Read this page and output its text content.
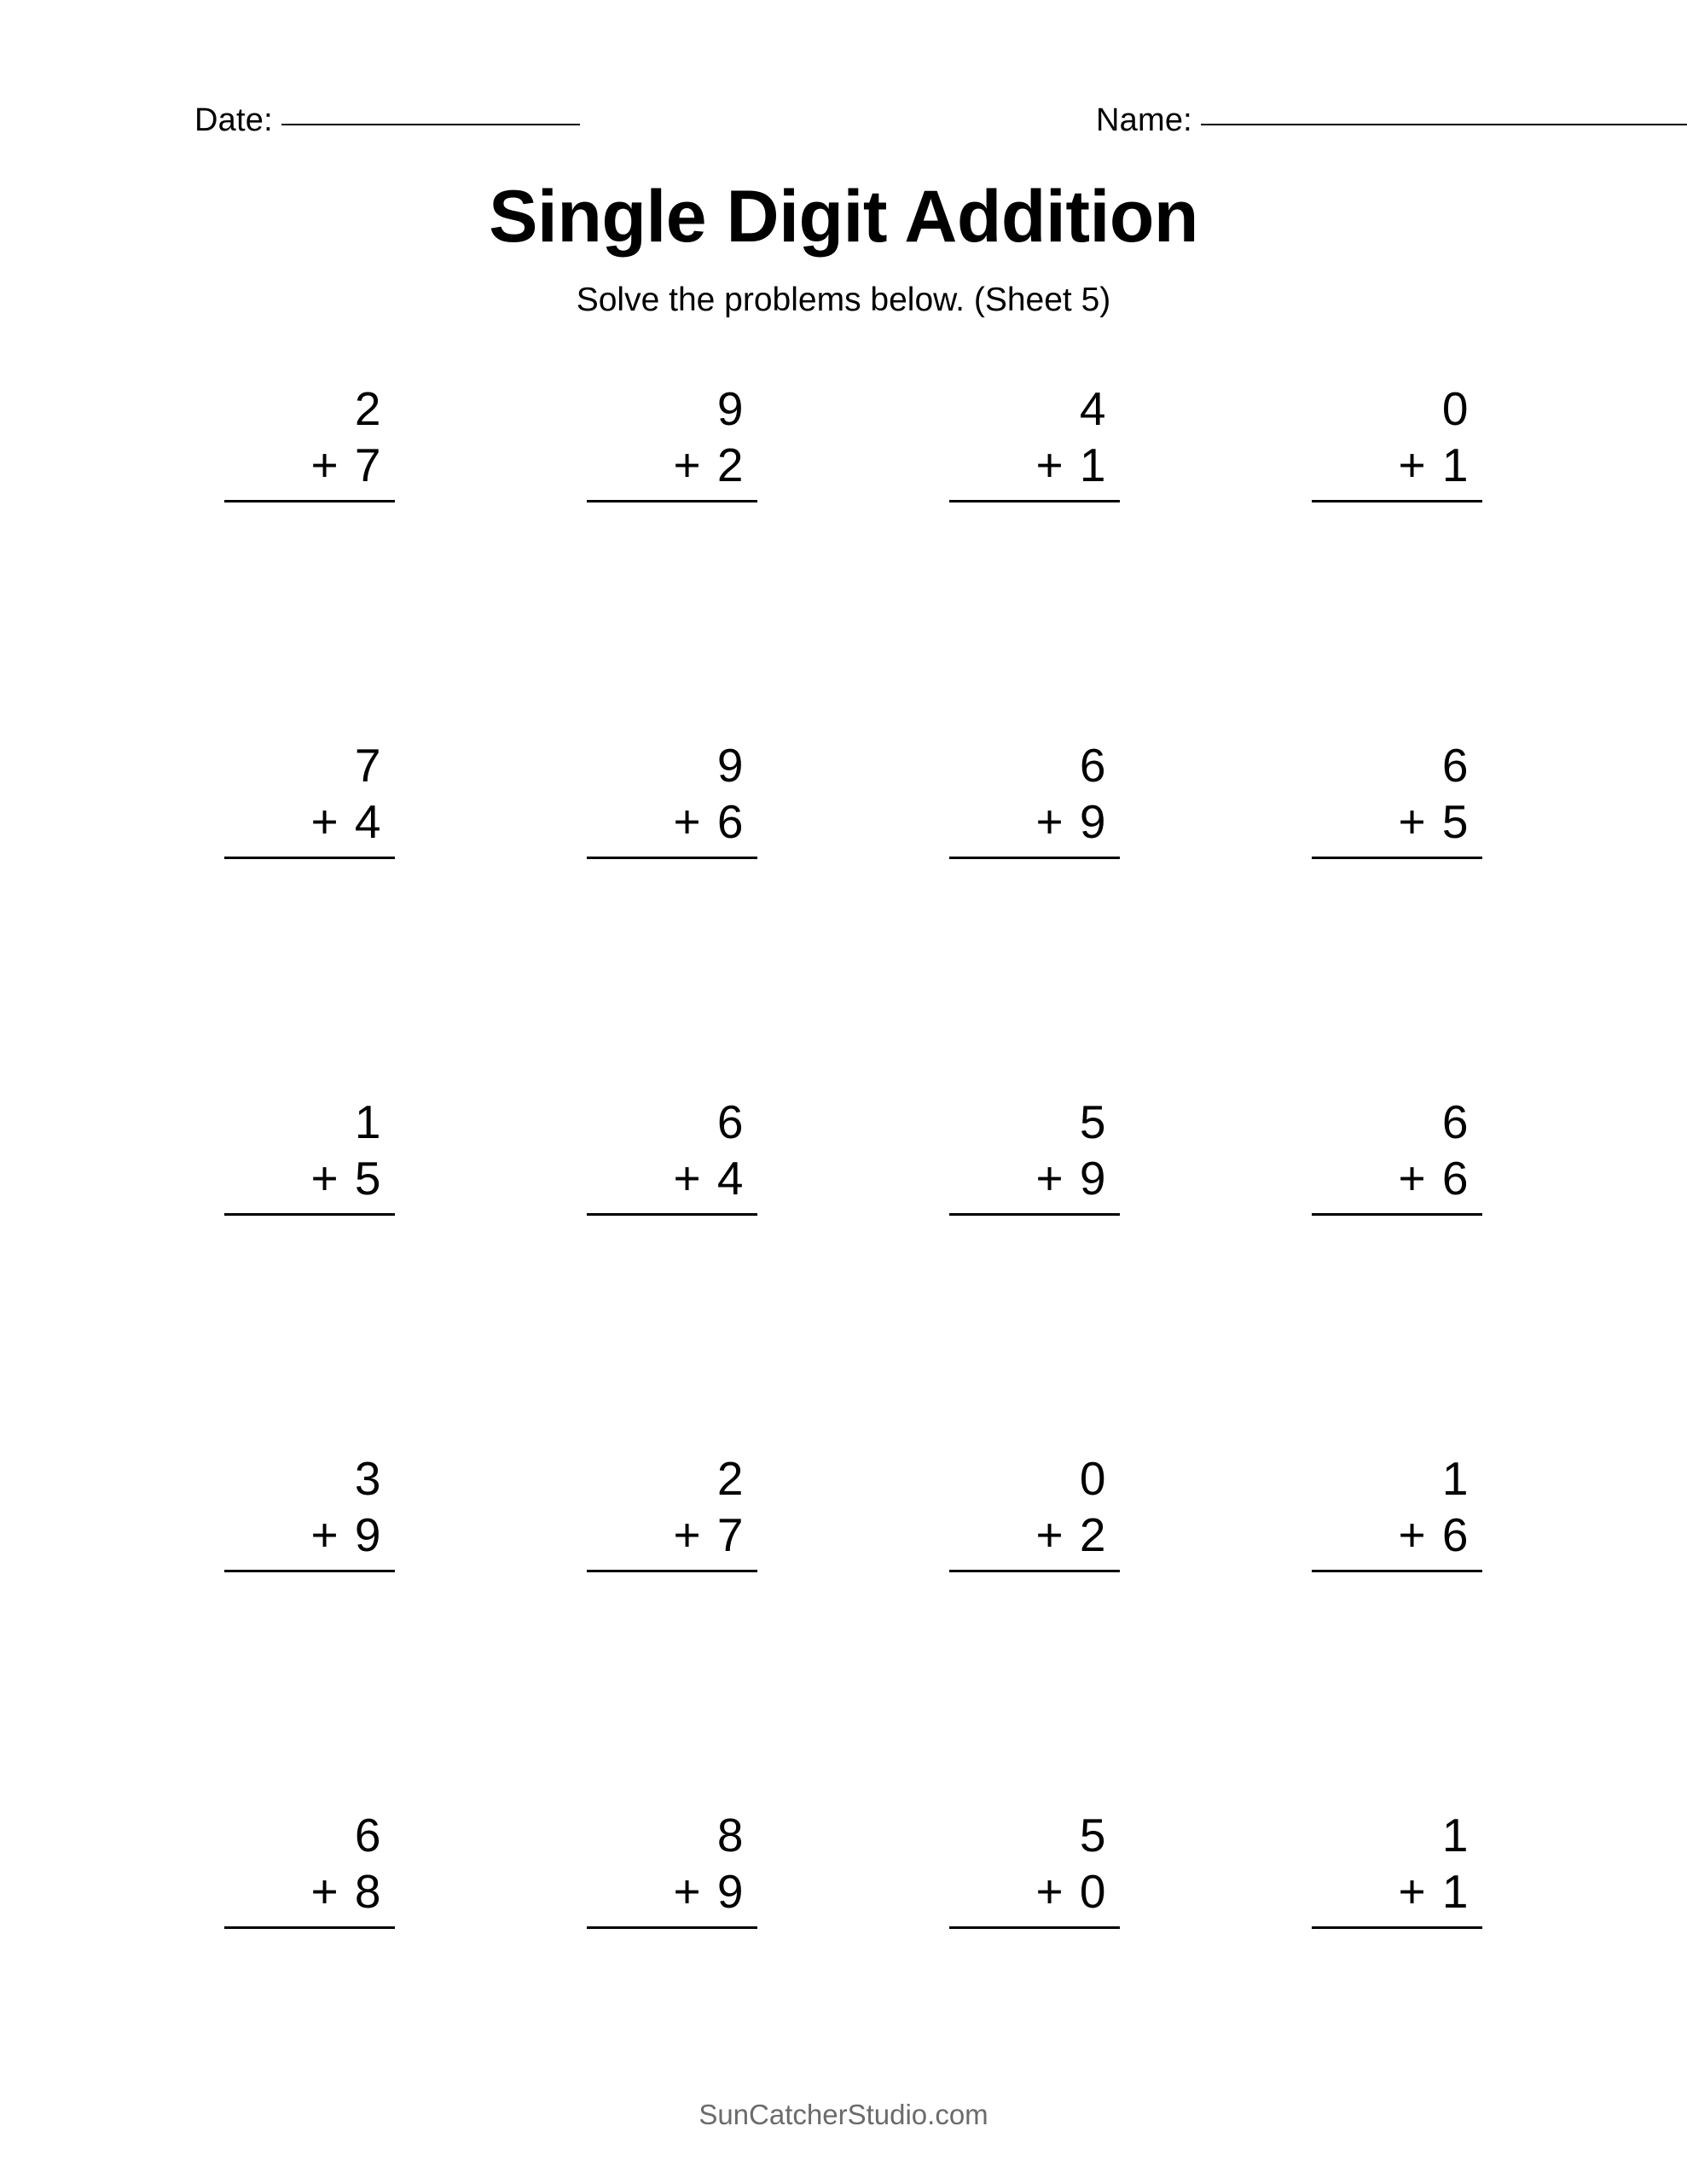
Date:	Name:
Single Digit Addition
Solve the problems below. (Sheet 5)
2
+ 7
9
+ 2
4
+ 1
0
+ 1
7
+ 4
9
+ 6
6
+ 9
6
+ 5
1
+ 5
6
+ 4
5
+ 9
6
+ 6
3
+ 9
2
+ 7
0
+ 2
1
+ 6
6
+ 8
8
+ 9
5
+ 0
1
+ 1
SunCatcherStudio.com
